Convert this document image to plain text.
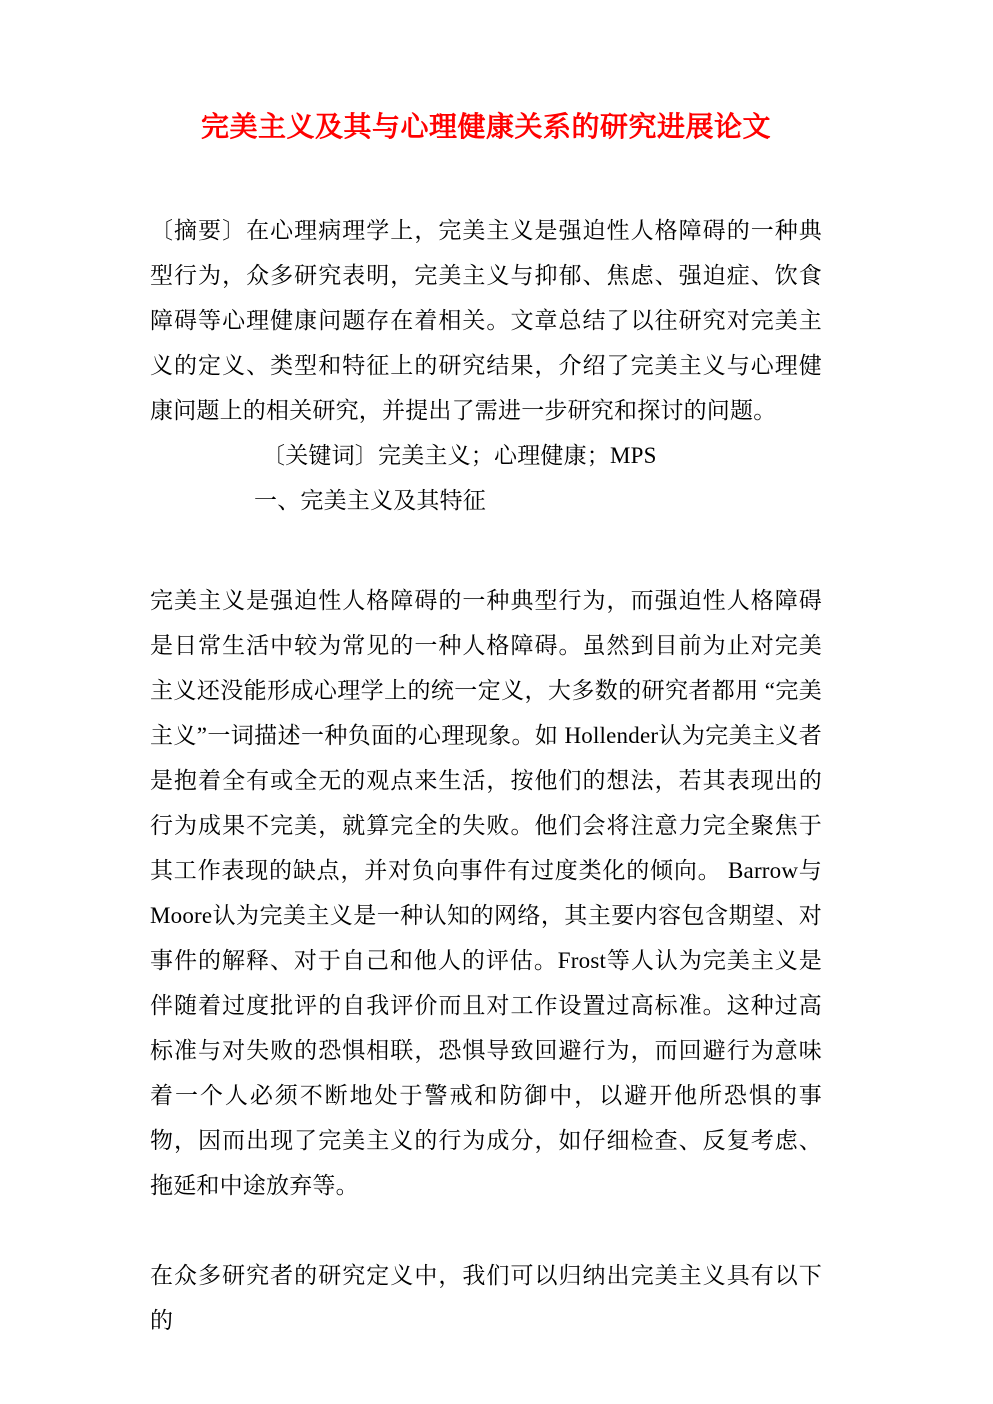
完美主义及其与心理健康关系的研究进展论文

〔摘要〕在心理病理学上，完美主义是强迫性人格障碍的一种典型行为，众多研究表明，完美主义与抑郁、焦虑、强迫症、饮食障碍等心理健康问题存在着相关。文章总结了以往研究对完美主义的定义、类型和特征上的研究结果，介绍了完美主义与心理健康问题上的相关研究，并提出了需进一步研究和探讨的问题。

〔关键词〕完美主义；心理健康；MPS

一、完美主义及其特征

完美主义是强迫性人格障碍的一种典型行为，而强迫性人格障碍是日常生活中较为常见的一种人格障碍。虽然到目前为止对完美主义还没能形成心理学上的统一定义，大多数的研究者都用 “完美主义”一词描述一种负面的心理现象。如 Hollender认为完美主义者是抱着全有或全无的观点来生活，按他们的想法，若其表现出的行为成果不完美，就算完全的失败。他们会将注意力完全聚焦于其工作表现的缺点，并对负向事件有过度类化的倾向。 Barrow与Moore认为完美主义是一种认知的网络，其主要内容包含期望、对事件的解释、对于自己和他人的评估。Frost等人认为完美主义是伴随着过度批评的自我评价而且对工作设置过高标准。这种过高标准与对失败的恐惧相联，恐惧导致回避行为，而回避行为意味着一个人必须不断地处于警戒和防御中，以避开他所恐惧的事物，因而出现了完美主义的行为成分，如仔细检查、反复考虑、拖延和中途放弃等。

在众多研究者的研究定义中，我们可以归纳出完美主义具有以下的
